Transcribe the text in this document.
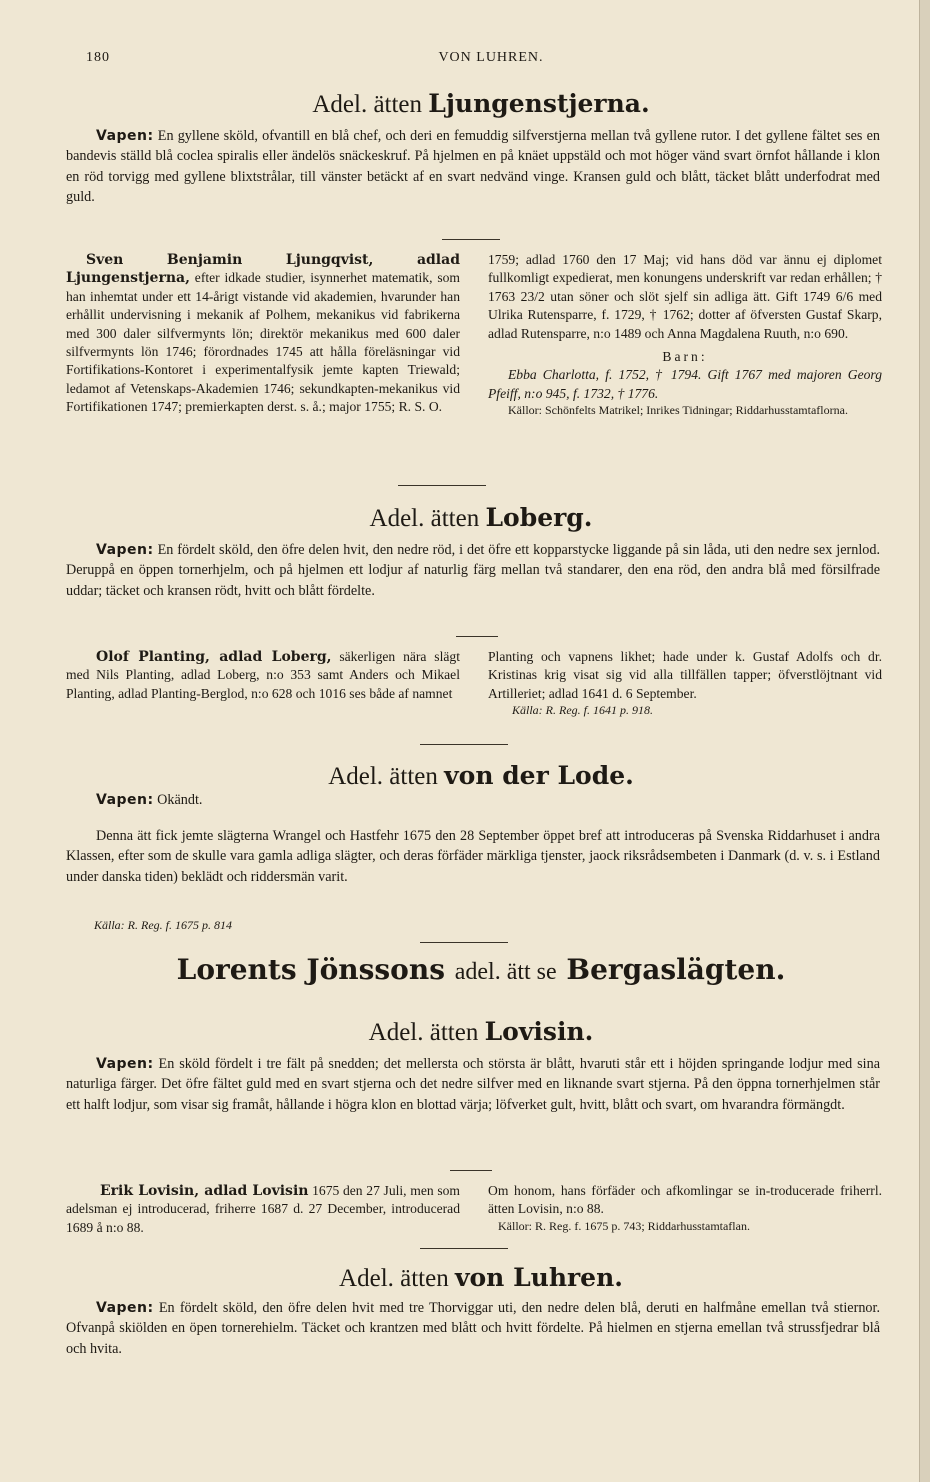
180	VON LUHREN.
Adel. ätten Ljungenstjerna.
Vapen: En gyllene sköld, ofvantill en blå chef, och deri en femuddig silfverstjerna mellan två gyllene rutor. I det gyllene fältet ses en bandevis ställd blå coclea spiralis eller ändelös snäckeskruf. På hjelmen en på knäet uppstäld och mot höger vänd svart örnfot hållande i klon en röd torvigg med gyllene blixtstrålar, till vänster betäckt af en svart nedvänd vinge. Kransen guld och blått, täcket blått underfodrat med guld.
Sven Benjamin Ljungqvist, adlad Ljungenstjerna, efter idkade studier, isynnerhet matematik, som han inhemtat under ett 14-årigt vistande vid akademien, hvarunder han erhållit undervisning i mekanik af Polhem, mekanikus vid fabrikerna med 300 daler silfvermynts lön; direktör mekanikus med 600 daler silfvermynts lön 1746; förordnades 1745 att hålla föreläsningar vid Fortifikations-Kontoret i experimentalfysik jemte kapten Triewald; ledamot af Vetenskaps-Akademien 1746; sekundkapten-mekanikus vid Fortifikationen 1747; premierkapten derst. s. å.; major 1755; R. S. O.
1759; adlad 1760 den 17 Maj; vid hans död var ännu ej diplomet fullkomligt expedierat, men konungens underskrift var redan erhållen; † 1763 23/2 utan söner och slöt sjelf sin adliga ätt. Gift 1749 6/6 med Ulrika Rutensparre, f. 1729, † 1762; dotter af öfversten Gustaf Skarp, adlad Rutensparre, n:o 1489 och Anna Magdalena Ruuth, n:o 690.
Barn:
Ebba Charlotta, f. 1752, † 1794. Gift 1767 med majoren Georg Pfeiff, n:o 945, f. 1732, † 1776.
Källor: Schönfelts Matrikel; Inrikes Tidningar; Riddarhusstamtaflorna.
Adel. ätten Loberg.
Vapen: En fördelt sköld, den öfre delen hvit, den nedre röd, i det öfre ett kopparstycke liggande på sin låda, uti den nedre sex jernlod. Deruppå en öppen tornerhjelm, och på hjelmen ett lodjur af naturlig färg mellan två standarer, den ena röd, den andra blå med försilfrade uddar; täcket och kransen rödt, hvitt och blått fördelte.
Olof Planting, adlad Loberg, säkerligen nära slägt med Nils Planting, adlad Loberg, n:o 353 samt Anders och Mikael Planting, adlad Planting-Berglod, n:o 628 och 1016 ses både af namnet
Planting och vapnens likhet; hade under k. Gustaf Adolfs och dr. Kristinas krig visat sig vid alla tillfällen tapper; öfverstlöjtnant vid Artilleriet; adlad 1641 d. 6 September.
Källa: R. Reg. f. 1641 p. 918.
Adel. ätten von der Lode.
Vapen: Okändt.
Denna ätt fick jemte slägterna Wrangel och Hastfehr 1675 den 28 September öppet bref att introduceras på Svenska Riddarhuset i andra Klassen, efter som de skulle vara gamla adliga slägter, och deras förfäder märkliga tjenster, jaock riksrådsembeten i Danmark (d. v. s. i Estland under danska tiden) beklädt och riddersmän varit.
Källa: R. Reg. f. 1675 p. 814
Lorents Jönssons adel. ätt se Bergaslägten.
Adel. ätten Lovisin.
Vapen: En sköld fördelt i tre fält på snedden; det mellersta och största är blått, hvaruti står ett i höjden springande lodjur med sina naturliga färger. Det öfre fältet guld med en svart stjerna och det nedre silfver med en liknande svart stjerna. På den öppna tornerhjelmen står ett halft lodjur, som visar sig framåt, hållande i högra klon en blottad värja; löfverket gult, hvitt, blått och svart, om hvarandra förmängdt.
Erik Lovisin, adlad Lovisin 1675 den 27 Juli, men som adelsman ej introducerad, friherre 1687 d. 27 December, introducerad 1689 å n:o 88.
Om honom, hans förfäder och afkomlingar se in-troducerade friherrl. ätten Lovisin, n:o 88.
Källor: R. Reg. f. 1675 p. 743; Riddarhusstamtaflan.
Adel. ätten von Luhren.
Vapen: En fördelt sköld, den öfre delen hvit med tre Thorviggar uti, den nedre delen blå, deruti en halfmåne emellan två stiernor. Ofvanpå skiölden en öpen tornerehielm. Täcket och krantzen med blått och hvitt fördelte. På hielmen en stjerna emellan två strussfjedrar blå och hvita.
